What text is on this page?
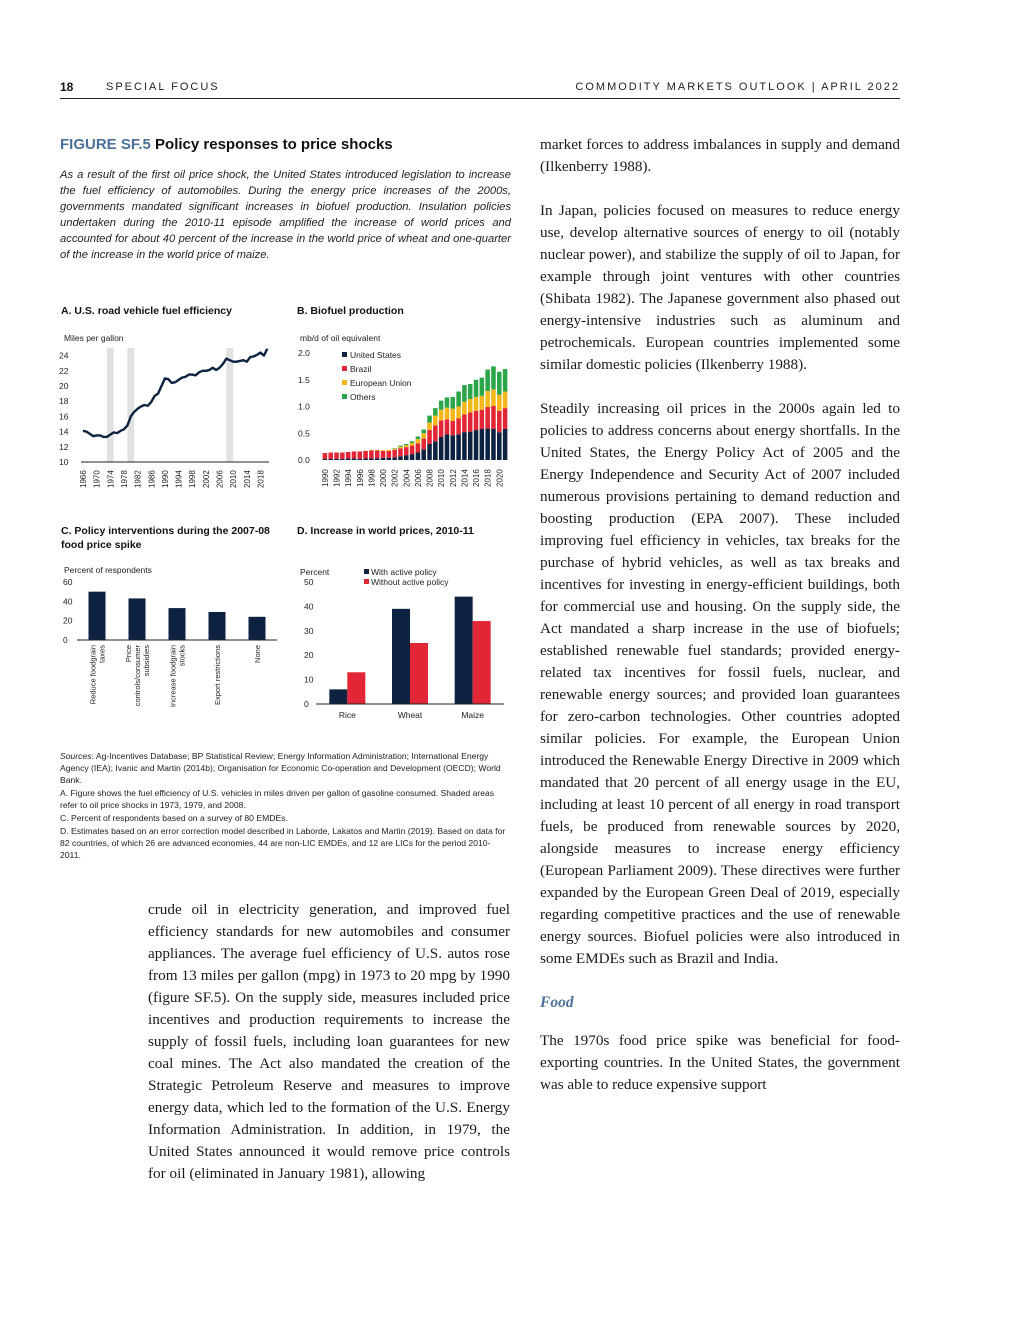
18	SPECIAL FOCUS	COMMODITY MARKETS OUTLOOK | APRIL 2022
FIGURE SF.5 Policy responses to price shocks
As a result of the first oil price shock, the United States introduced legislation to increase the fuel efficiency of automobiles. During the energy price increases of the 2000s, governments mandated significant increases in biofuel production. Insulation policies undertaken during the 2010-11 episode amplified the increase of world prices and accounted for about 40 percent of the increase in the world price of wheat and one-quarter of the increase in the world price of maize.
A. U.S. road vehicle fuel efficiency
Miles per gallon
10
12
14
16
18
20
22
24
1966 1970 1974 1978 1982 1986 1990 1994 1998 2002 2006 2010 2014 2018
B. Biofuel production
mb/d of oil equivalent
0.0
0.5
1.0
1.5
2.0
1990 1992 1994 1996 1998 2000 2002 2004 2006 2008 2010 2012 2014 2016 2018 2020
United States
Brazil
European Union
Others
C. Policy interventions during the 2007-08 food price spike
Percent of respondents
0
20
40
60
Reduce foodgrain taxes Price controls/consumer subsidies Increase foodgrain stocks	Export restrictions	None
D. Increase in world prices, 2010-11
Percent
0
10
20
30
40
50
Rice	Wheat	Maize
With active policy
Without active policy

Sources: Ag-Incentives Database; BP Statistical Review; Energy Information Administration; International Energy Agency (IEA); Ivanic and Martin (2014b); Organisation for Economic Co-operation and Development (OECD); World Bank.

A. Figure shows the fuel efficiency of U.S. vehicles in miles driven per gallon of gasoline consumed. Shaded areas refer to oil price shocks in 1973, 1979, and 2008.

C. Percent of respondents based on a survey of 80 EMDEs.

D. Estimates based on an error correction model described in Laborde, Lakatos and Martin (2019). Based on data for 82 countries, of which 26 are advanced economies, 44 are non-LIC EMDEs, and 12 are LICs for the period 2010-2011.

crude oil in electricity generation, and improved fuel efficiency standards for new automobiles and consumer appliances. The average fuel efficiency of U.S. autos rose from 13 miles per gallon (mpg) in 1973 to 20 mpg by 1990 (figure SF.5). On the supply side, measures included price incentives and production requirements to increase the supply of fossil fuels, including loan guarantees for new coal mines. The Act also mandated the creation of the Strategic Petroleum Reserve and measures to improve energy data, which led to the formation of the U.S. Energy Information Administration. In addition, in 1979, the United States announced it would remove price controls for oil (eliminated in January 1981), allowing

market forces to address imbalances in supply and demand (Ilkenberry 1988).

In Japan, policies focused on measures to reduce energy use, develop alternative sources of energy to oil (notably nuclear power), and stabilize the supply of oil to Japan, for example through joint ventures with other countries (Shibata 1982). The Japanese government also phased out energy-intensive industries such as aluminum and petrochemicals. European countries implemented some similar domestic policies (Ilkenberry 1988).

Steadily increasing oil prices in the 2000s again led to policies to address concerns about energy shortfalls. In the United States, the Energy Policy Act of 2005 and the Energy Independence and Security Act of 2007 included numerous provisions pertaining to demand reduction and boosting production (EPA 2007). These included improving fuel efficiency in vehicles, tax breaks for the purchase of hybrid vehicles, as well as tax breaks and incentives for investing in energy-efficient buildings, both for commercial use and housing. On the supply side, the Act mandated a sharp increase in the use of biofuels; established renewable fuel standards; provided energy-related tax incentives for fossil fuels, nuclear, and renewable energy sources; and provided loan guarantees for zero-carbon technologies. Other countries adopted similar policies. For example, the European Union introduced the Renewable Energy Directive in 2009 which mandated that 20 percent of all energy usage in the EU, including at least 10 percent of all energy in road transport fuels, be produced from renewable sources by 2020, alongside measures to increase energy efficiency (European Parliament 2009). These directives were further expanded by the European Green Deal of 2019, especially regarding competitive practices and the use of renewable energy sources. Biofuel policies were also introduced in some EMDEs such as Brazil and India.

Food

The 1970s food price spike was beneficial for food-exporting countries. In the United States, the government was able to reduce expensive support
